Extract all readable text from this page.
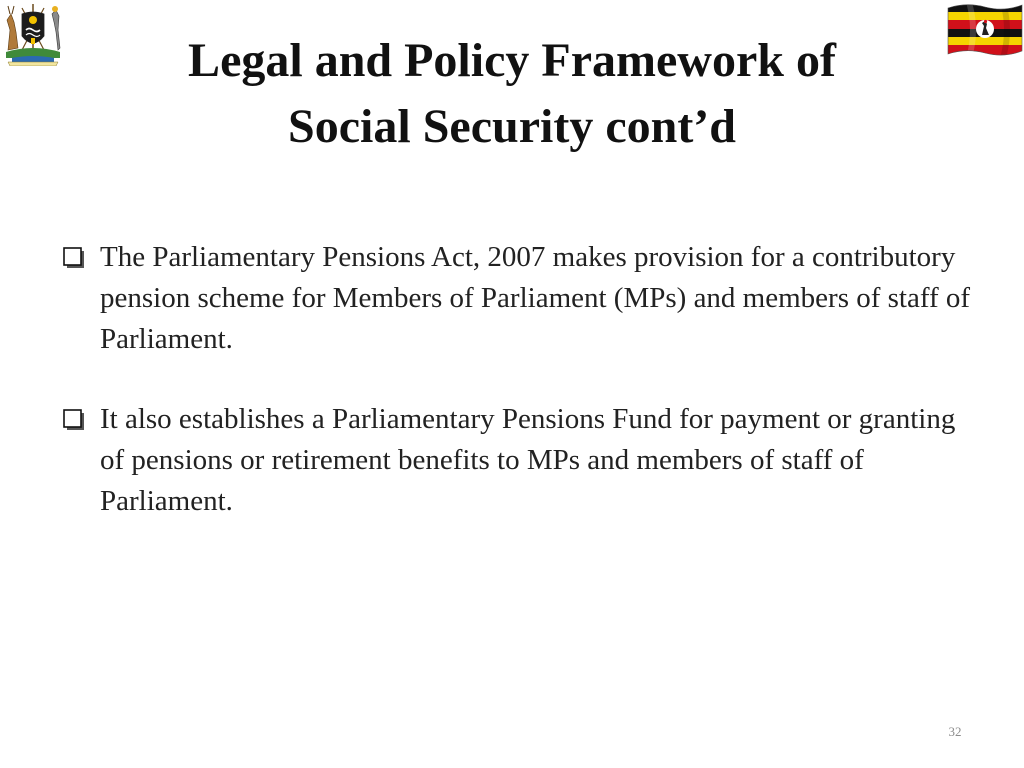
Legal and Policy Framework of
Social Security cont’d
The Parliamentary Pensions Act, 2007 makes provision for a contributory pension scheme for Members of Parliament (MPs) and members of staff of Parliament.
It also establishes a Parliamentary Pensions Fund for payment or granting of pensions or retirement benefits to MPs and members of staff of Parliament.
32
